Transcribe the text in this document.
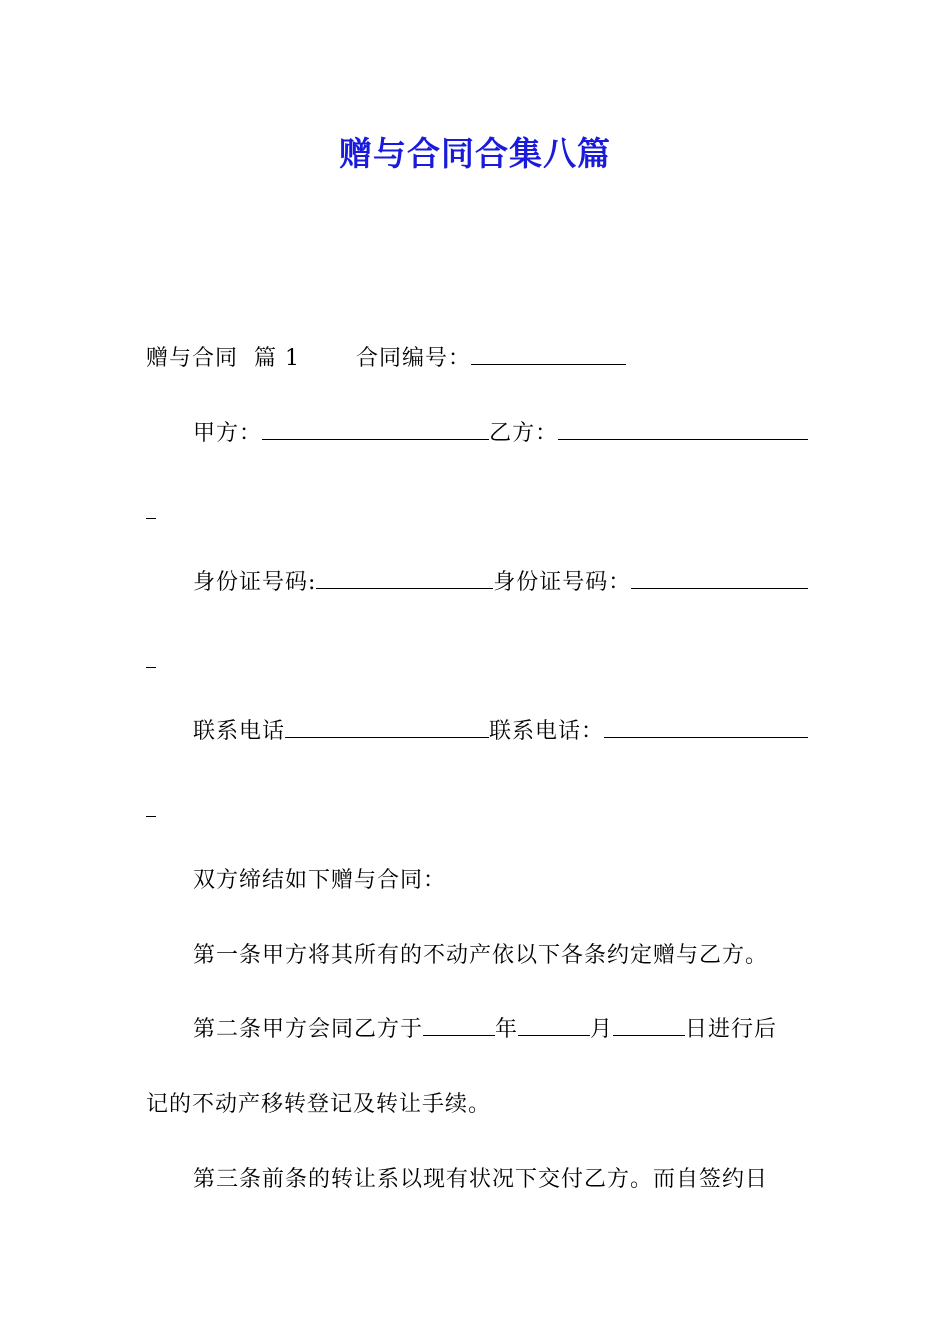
赠与合同合集八篇
赠与合同 篇 1	合同编号：
甲方：	乙方：
身份证号码:	身份证号码：
联系电话	联系电话：
双方缔结如下赠与合同：
第一条甲方将其所有的不动产依以下各条约定赠与乙方。
第二条甲方会同乙方于	年	月	日进行后
记的不动产移转登记及转让手续。
第三条前条的转让系以现有状况下交付乙方。而自签约日
